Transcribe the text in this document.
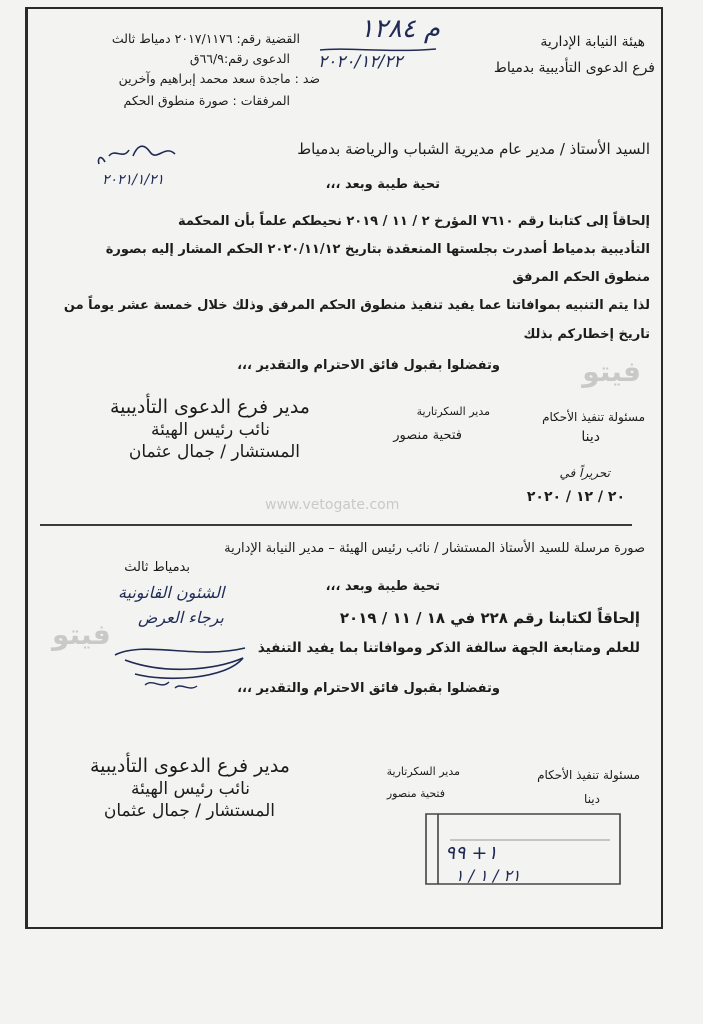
هيئة النيابة الإدارية
فرع الدعوى التأديبية بدمياط
القضية رقم: ٢٠١٧/١١٧٦ دمياط ثالث
الدعوى رقم:٦٦/٩ق
ضد : ماجدة سعد محمد إبراهيم وآخرين
المرفقات : صورة منطوق الحكم
م ١٢٨٤
٢٠٢٠/١٢/٢٢
السيد الأستاذ / مدير عام مديرية الشباب والرياضة بدمياط
٢٠٢١/١/٢١	تحية طيبة وبعد ،،،
إلحاقاً إلى كتابنا رقم ٧٦١٠ المؤرخ ٢ / ١١ / ٢٠١٩ نحيطكم علماً بأن المحكمة
التأديبية بدمياط أصدرت بجلستها المنعقدة بتاريخ ٢٠٢٠/١١/١٢ الحكم المشار إليه بصورة
منطوق الحكم المرفق
لذا يتم التنبيه بموافاتنا عما يفيد تنفيذ منطوق الحكم المرفق وذلك خلال خمسة عشر يوماً من
تاريخ إخطاركم بذلك
وتفضلوا بقبول فائق الاحترام والتقدير ،،،	فيتو
مسئولة تنفيذ الأحكام
دينا
مدير السكرتارية
فتحية منصور
مدير فرع الدعوى التأديبية
نائب رئيس الهيئة
المستشار / جمال عثمان
تحريراً في
٢٠ / ١٢ / ٢٠٢٠
www.vetogate.com
صورة مرسلة للسيد الأستاذ المستشار / نائب رئيس الهيئة – مدير النيابة الإدارية
بدمياط ثالث
تحية طيبة وبعد ،،،
الشئون القانونية
برجاء العرض	إلحاقاً لكتابنا رقم ٢٢٨ في ١٨ / ١١ / ٢٠١٩
للعلم ومتابعة الجهة سالفة الذكر وموافاتنا بما يفيد التنفيذ
وتفضلوا بقبول فائق الاحترام والتقدير ،،،
فيتو
مدير فرع الدعوى التأديبية
نائب رئيس الهيئة
المستشار / جمال عثمان
مدير السكرتارية
فتحية منصور
مسئولة تنفيذ الأحكام
دينا
١+ ٩٩
٢١ / ١ / ١
